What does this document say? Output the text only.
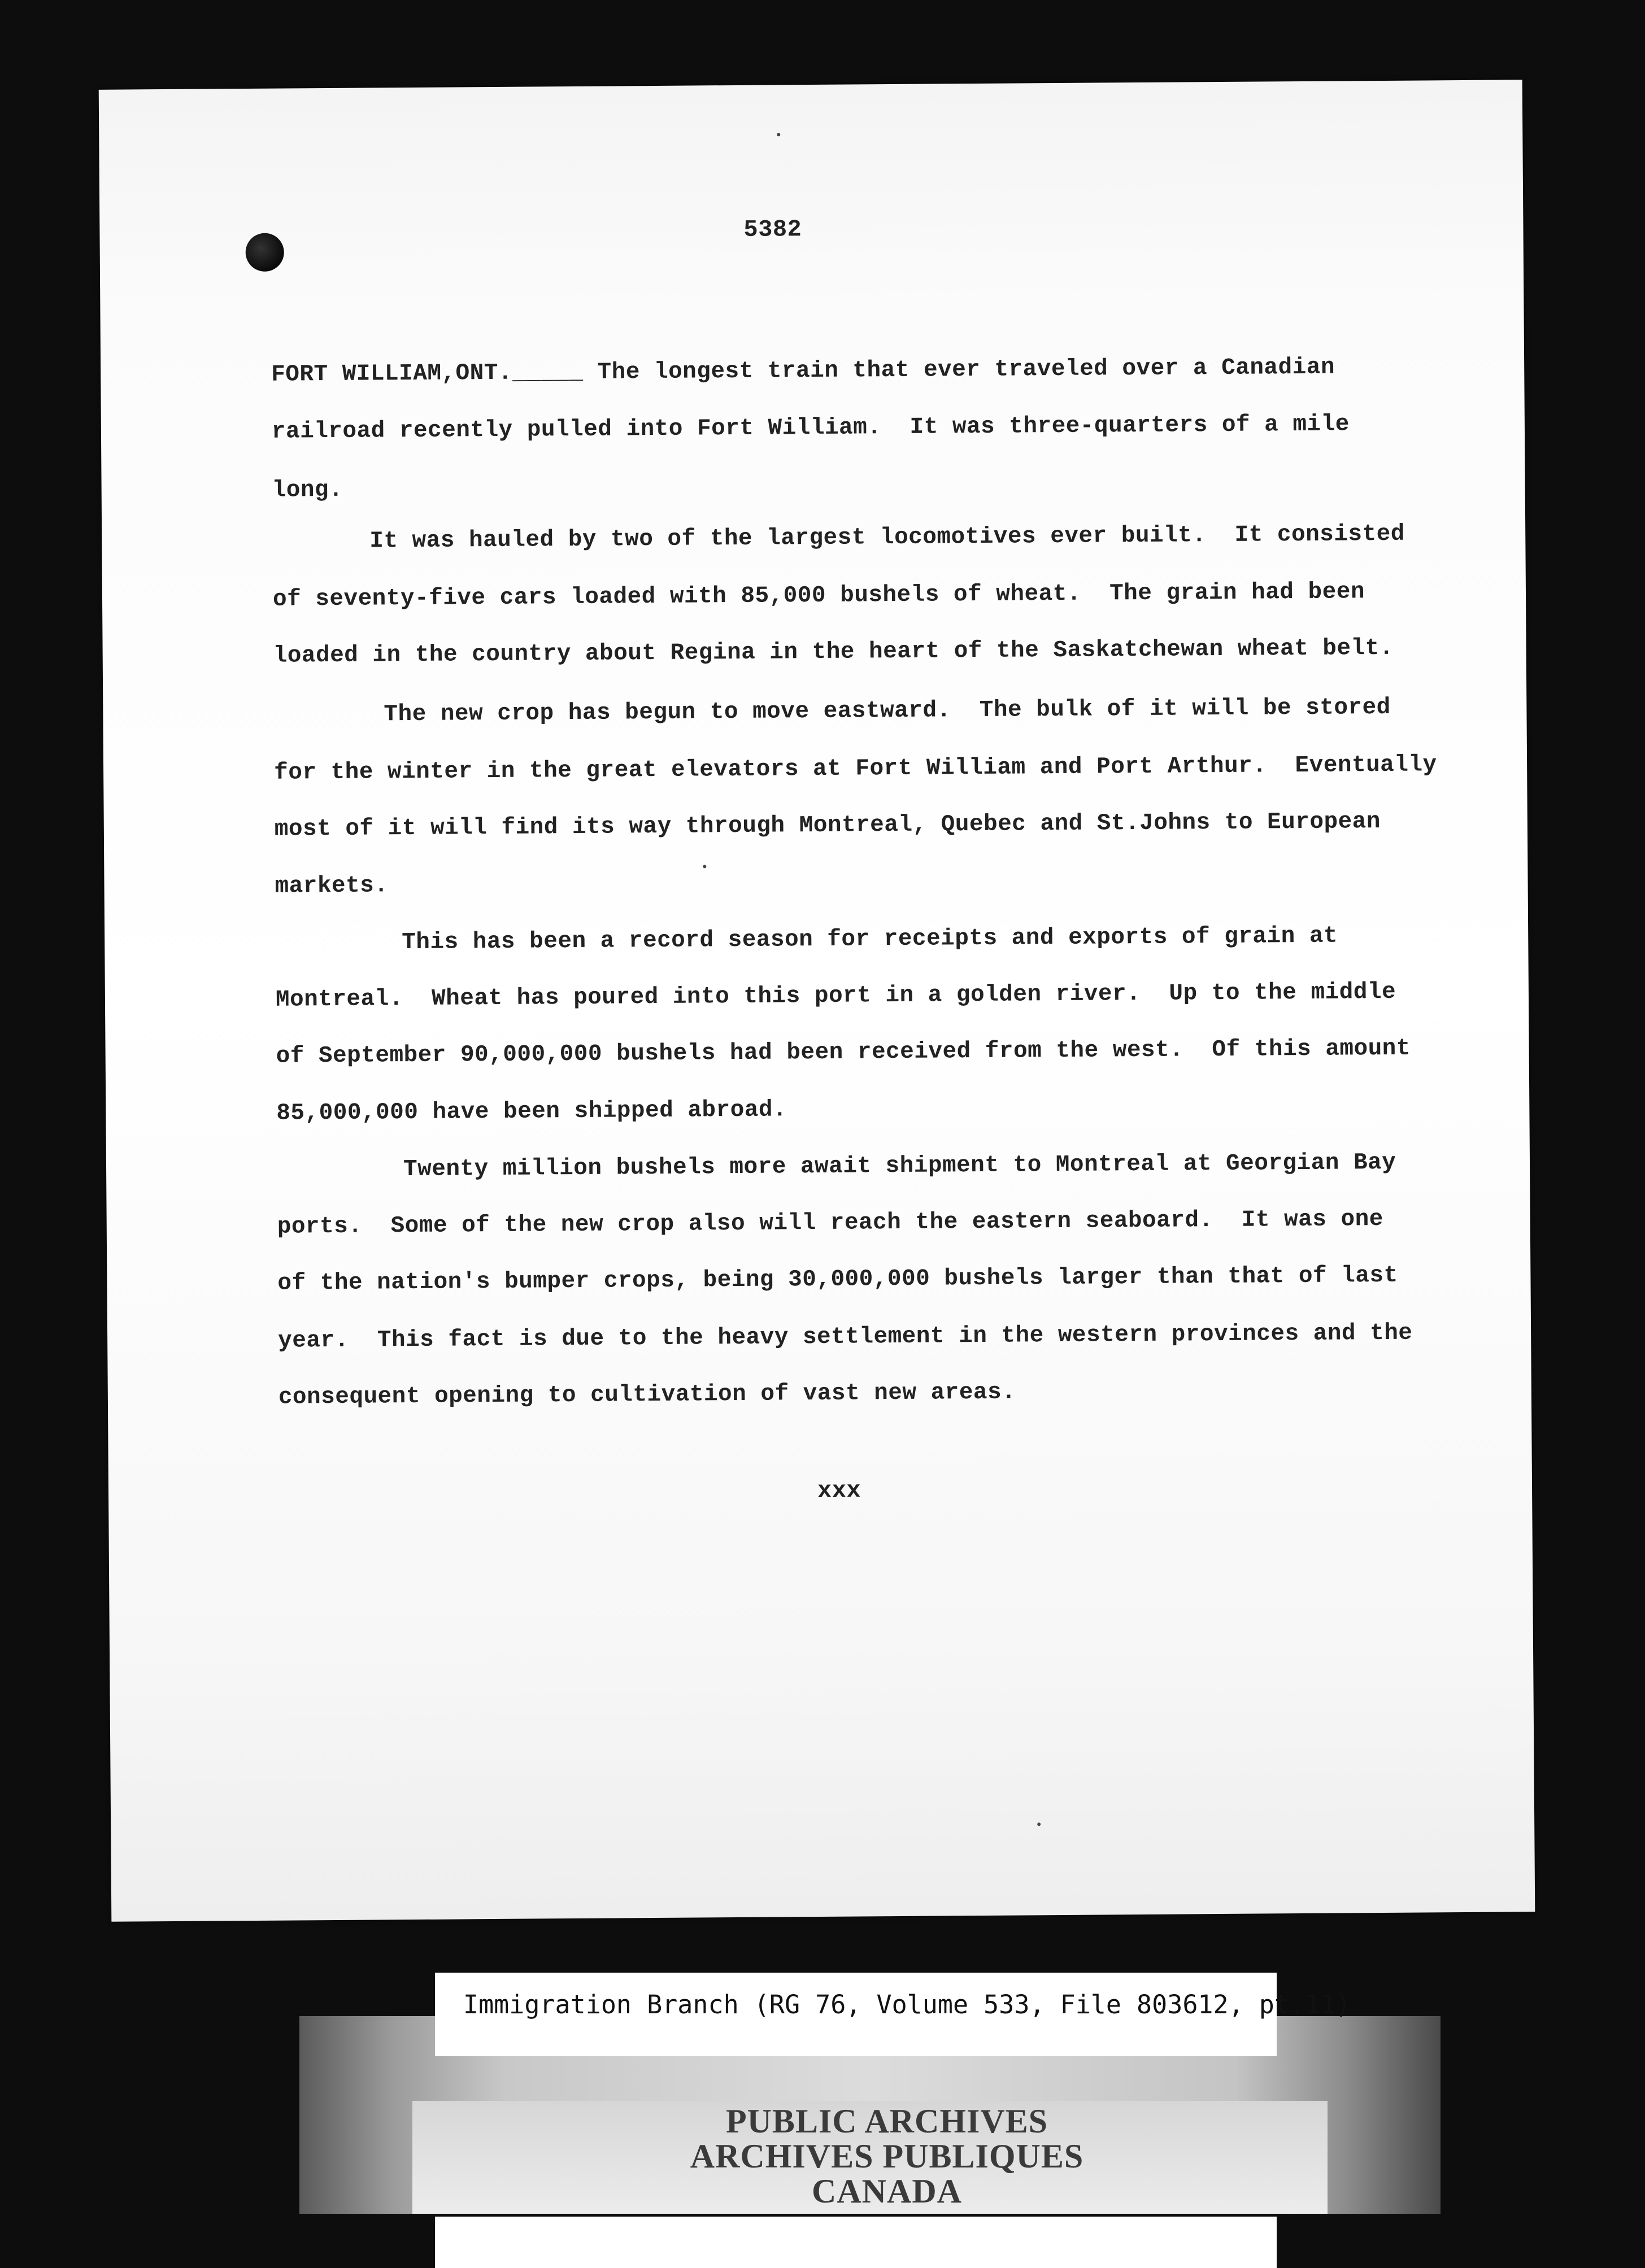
5382
FORT WILLIAM,ONT._____ The longest train that ever traveled over a Canadian
railroad recently pulled into Fort William.  It was three-quarters of a mile
long.
It was hauled by two of the largest locomotives ever built.  It consisted
of seventy-five cars loaded with 85,000 bushels of wheat.  The grain had been
loaded in the country about Regina in the heart of the Saskatchewan wheat belt.
The new crop has begun to move eastward.  The bulk of it will be stored
for the winter in the great elevators at Fort William and Port Arthur.  Eventually
most of it will find its way through Montreal, Quebec and St.Johns to European
markets.
This has been a record season for receipts and exports of grain at
Montreal.  Wheat has poured into this port in a golden river.  Up to the middle
of September 90,000,000 bushels had been received from the west.  Of this amount
85,000,000 have been shipped abroad.
Twenty million bushels more await shipment to Montreal at Georgian Bay
ports.  Some of the new crop also will reach the eastern seaboard.  It was one
of the nation's bumper crops, being 30,000,000 bushels larger than that of last
year.  This fact is due to the heavy settlement in the western provinces and the
consequent opening to cultivation of vast new areas.
xxx
Immigration Branch (RG 76, Volume 533, File 803612, pt.11)
PUBLIC ARCHIVES
ARCHIVES PUBLIQUES
CANADA
